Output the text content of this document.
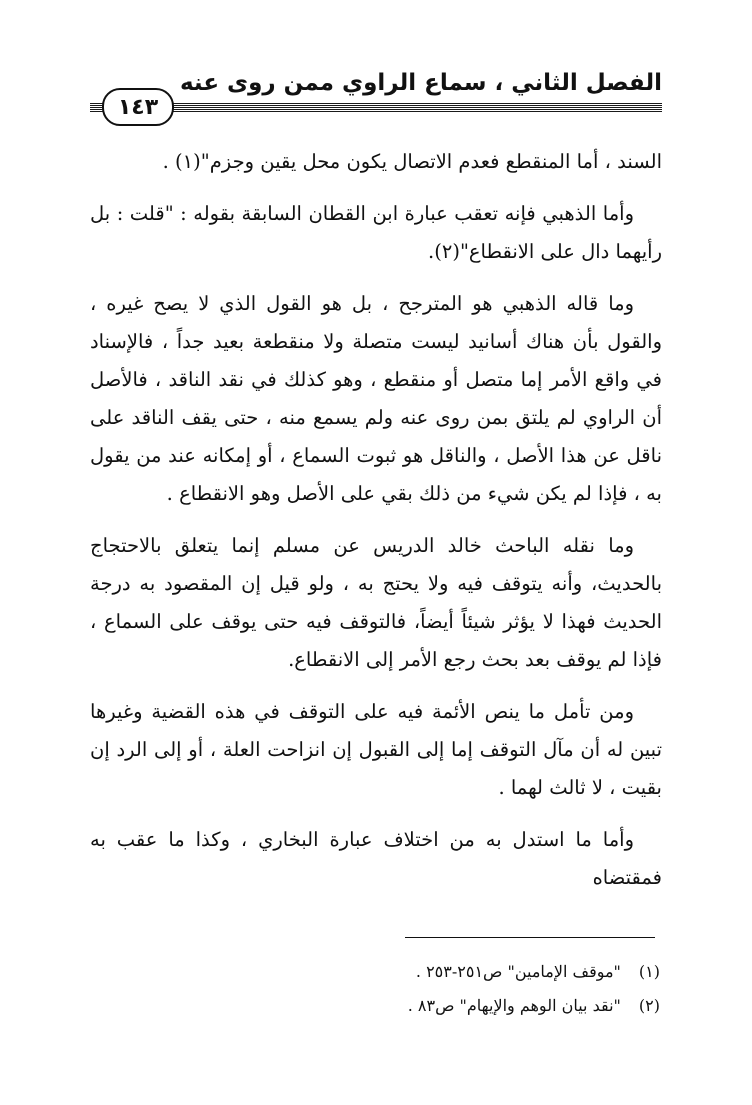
١٤٣
الفصل الثاني ، سماع الراوي ممن روى عنه

السند ، أما المنقطع فعدم الاتصال يكون محل يقين وجزم"(١) .

وأما الذهبي فإنه تعقب عبارة ابن القطان السابقة بقوله : "قلت : بل رأيهما دال على الانقطاع"(٢).

وما قاله الذهبي هو المترجح ، بل هو القول الذي لا يصح غيره ، والقول بأن هناك أسانيد ليست متصلة ولا منقطعة بعيد جداً ، فالإسناد في واقع الأمر إما متصل أو منقطع ، وهو كذلك في نقد الناقد ، فالأصل أن الراوي لم يلتق بمن روى عنه ولم يسمع منه ، حتى يقف الناقد على ناقل عن هذا الأصل ، والناقل هو ثبوت السماع ، أو إمكانه عند من يقول به ، فإذا لم يكن شيء من ذلك بقي على الأصل وهو الانقطاع .

وما نقله الباحث خالد الدريس عن مسلم إنما يتعلق بالاحتجاج بالحديث، وأنه يتوقف فيه ولا يحتج به ، ولو قيل إن المقصود به درجة الحديث فهذا لا يؤثر شيئاً أيضاً، فالتوقف فيه حتى يوقف على السماع ، فإذا لم يوقف بعد بحث رجع الأمر إلى الانقطاع.

ومن تأمل ما ينص الأئمة فيه على التوقف في هذه القضية وغيرها تبين له أن مآل التوقف إما إلى القبول إن انزاحت العلة ، أو إلى الرد إن بقيت ، لا ثالث لهما .

وأما ما استدل به من اختلاف عبارة البخاري ، وكذا ما عقب به فمقتضاه

(١) "موقف الإمامين" ص٢٥١-٢٥٣ .
(٢) "نقد بيان الوهم والإيهام" ص٨٣ .
